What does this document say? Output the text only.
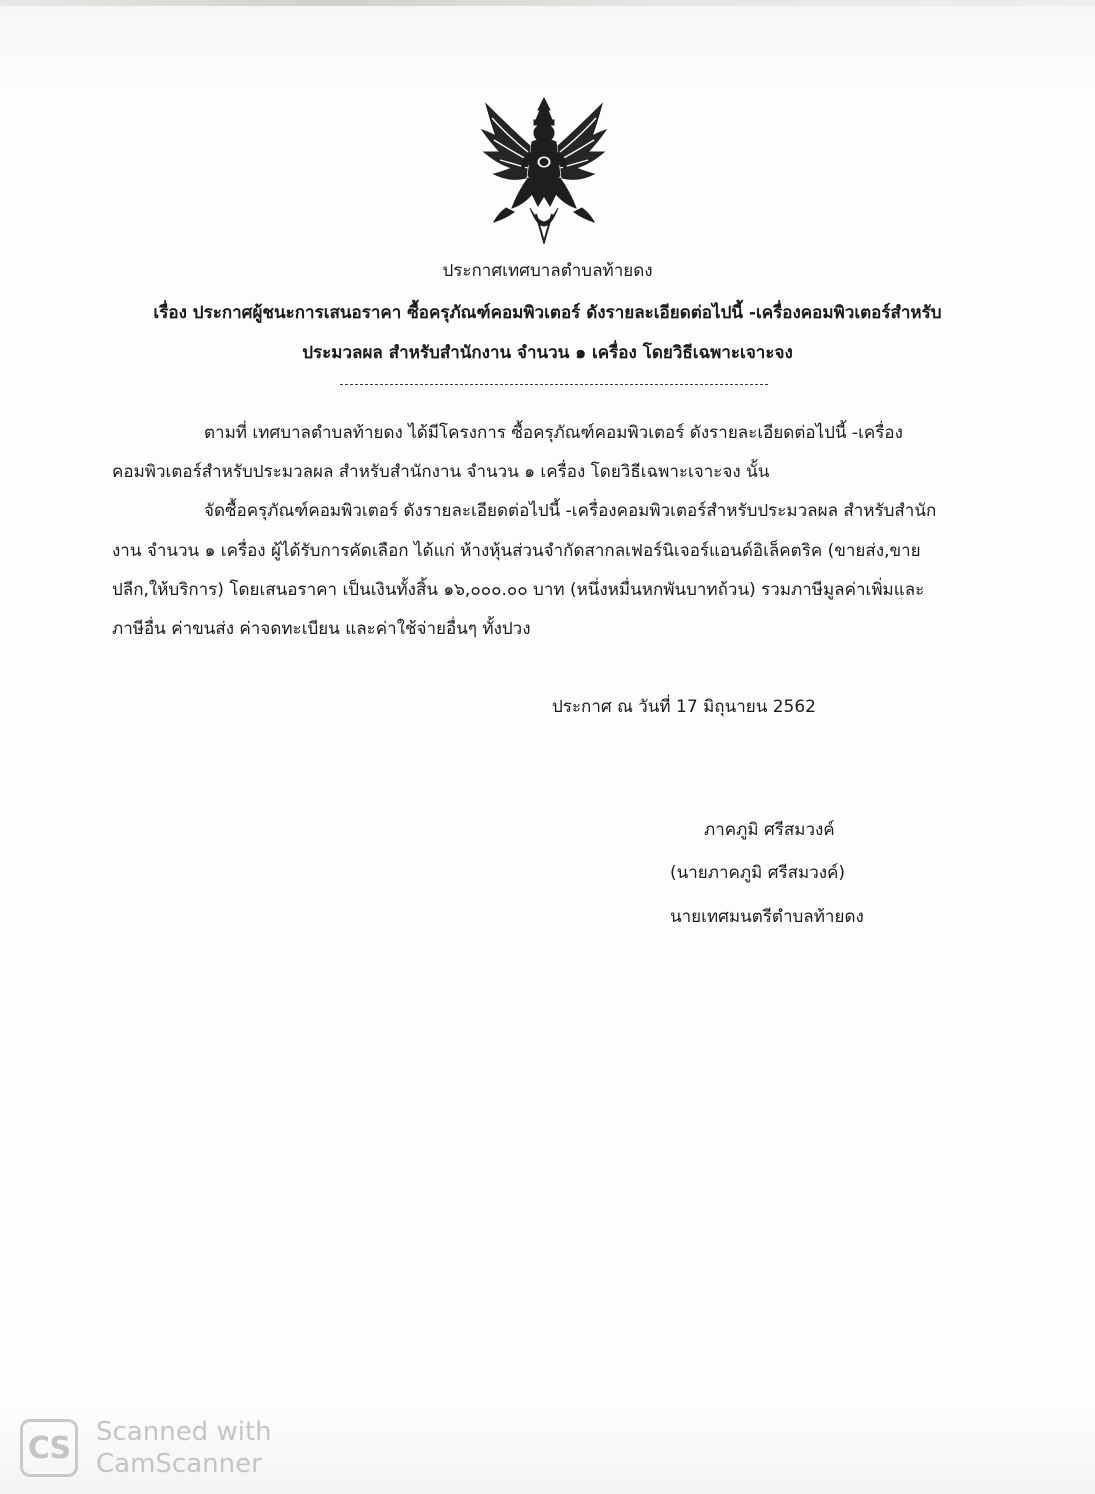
ประกาศเทศบาลตำบลท้ายดง
เรื่อง ประกาศผู้ชนะการเสนอราคา ซื้อครุภัณฑ์คอมพิวเตอร์ ดังรายละเอียดต่อไปนี้ -เครื่องคอมพิวเตอร์สำหรับ
ประมวลผล สำหรับสำนักงาน จำนวน ๑ เครื่อง โดยวิธีเฉพาะเจาะจง
ตามที่ เทศบาลตำบลท้ายดง ได้มีโครงการ ซื้อครุภัณฑ์คอมพิวเตอร์ ดังรายละเอียดต่อไปนี้ -เครื่อง
คอมพิวเตอร์สำหรับประมวลผล สำหรับสำนักงาน จำนวน ๑ เครื่อง โดยวิธีเฉพาะเจาะจง นั้น
จัดซื้อครุภัณฑ์คอมพิวเตอร์ ดังรายละเอียดต่อไปนี้ -เครื่องคอมพิวเตอร์สำหรับประมวลผล สำหรับสำนัก
งาน จำนวน ๑ เครื่อง ผู้ได้รับการคัดเลือก ได้แก่ ห้างหุ้นส่วนจำกัดสากลเฟอร์นิเจอร์แอนด์อิเล็คตริค (ขายส่ง,ขาย
ปลีก,ให้บริการ) โดยเสนอราคา เป็นเงินทั้งสิ้น ๑๖,๐๐๐.๐๐ บาท (หนึ่งหมื่นหกพันบาทถ้วน) รวมภาษีมูลค่าเพิ่มและ
ภาษีอื่น ค่าขนส่ง ค่าจดทะเบียน และค่าใช้จ่ายอื่นๆ ทั้งปวง
ประกาศ ณ วันที่ 17 มิถุนายน 2562
ภาคภูมิ ศรีสมวงค์
(นายภาคภูมิ ศรีสมวงค์)
นายเทศมนตรีตำบลท้ายดง
CS Scanned with
CamScanner
